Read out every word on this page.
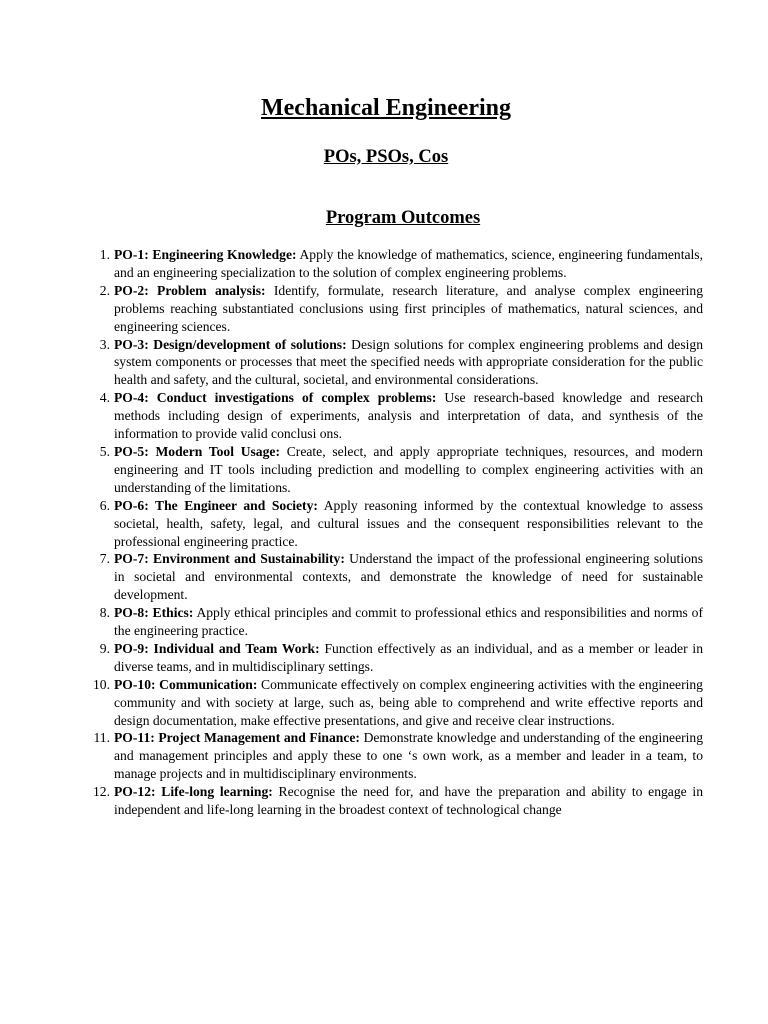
Mechanical Engineering
POs, PSOs, Cos
Program Outcomes
1. PO-1: Engineering Knowledge: Apply the knowledge of mathematics, science, engineering fundamentals, and an engineering specialization to the solution of complex engineering problems.
2. PO-2: Problem analysis: Identify, formulate, research literature, and analyse complex engineering problems reaching substantiated conclusions using first principles of mathematics, natural sciences, and engineering sciences.
3. PO-3: Design/development of solutions: Design solutions for complex engineering problems and design system components or processes that meet the specified needs with appropriate consideration for the public health and safety, and the cultural, societal, and environmental considerations.
4. PO-4: Conduct investigations of complex problems: Use research-based knowledge and research methods including design of experiments, analysis and interpretation of data, and synthesis of the information to provide valid conclusi ons.
5. PO-5: Modern Tool Usage: Create, select, and apply appropriate techniques, resources, and modern engineering and IT tools including prediction and modelling to complex engineering activities with an understanding of the limitations.
6. PO-6: The Engineer and Society: Apply reasoning informed by the contextual knowledge to assess societal, health, safety, legal, and cultural issues and the consequent responsibilities relevant to the professional engineering practice.
7. PO-7: Environment and Sustainability: Understand the impact of the professional engineering solutions in societal and environmental contexts, and demonstrate the knowledge of need for sustainable development.
8. PO-8: Ethics: Apply ethical principles and commit to professional ethics and responsibilities and norms of the engineering practice.
9. PO-9: Individual and Team Work: Function effectively as an individual, and as a member or leader in diverse teams, and in multidisciplinary settings.
10. PO-10: Communication: Communicate effectively on complex engineering activities with the engineering community and with society at large, such as, being able to comprehend and write effective reports and design documentation, make effective presentations, and give and receive clear instructions.
11. PO-11: Project Management and Finance: Demonstrate knowledge and understanding of the engineering and management principles and apply these to one ‘s own work, as a member and leader in a team, to manage projects and in multidisciplinary environments.
12. PO-12: Life-long learning: Recognise the need for, and have the preparation and ability to engage in independent and life-long learning in the broadest context of technological change
